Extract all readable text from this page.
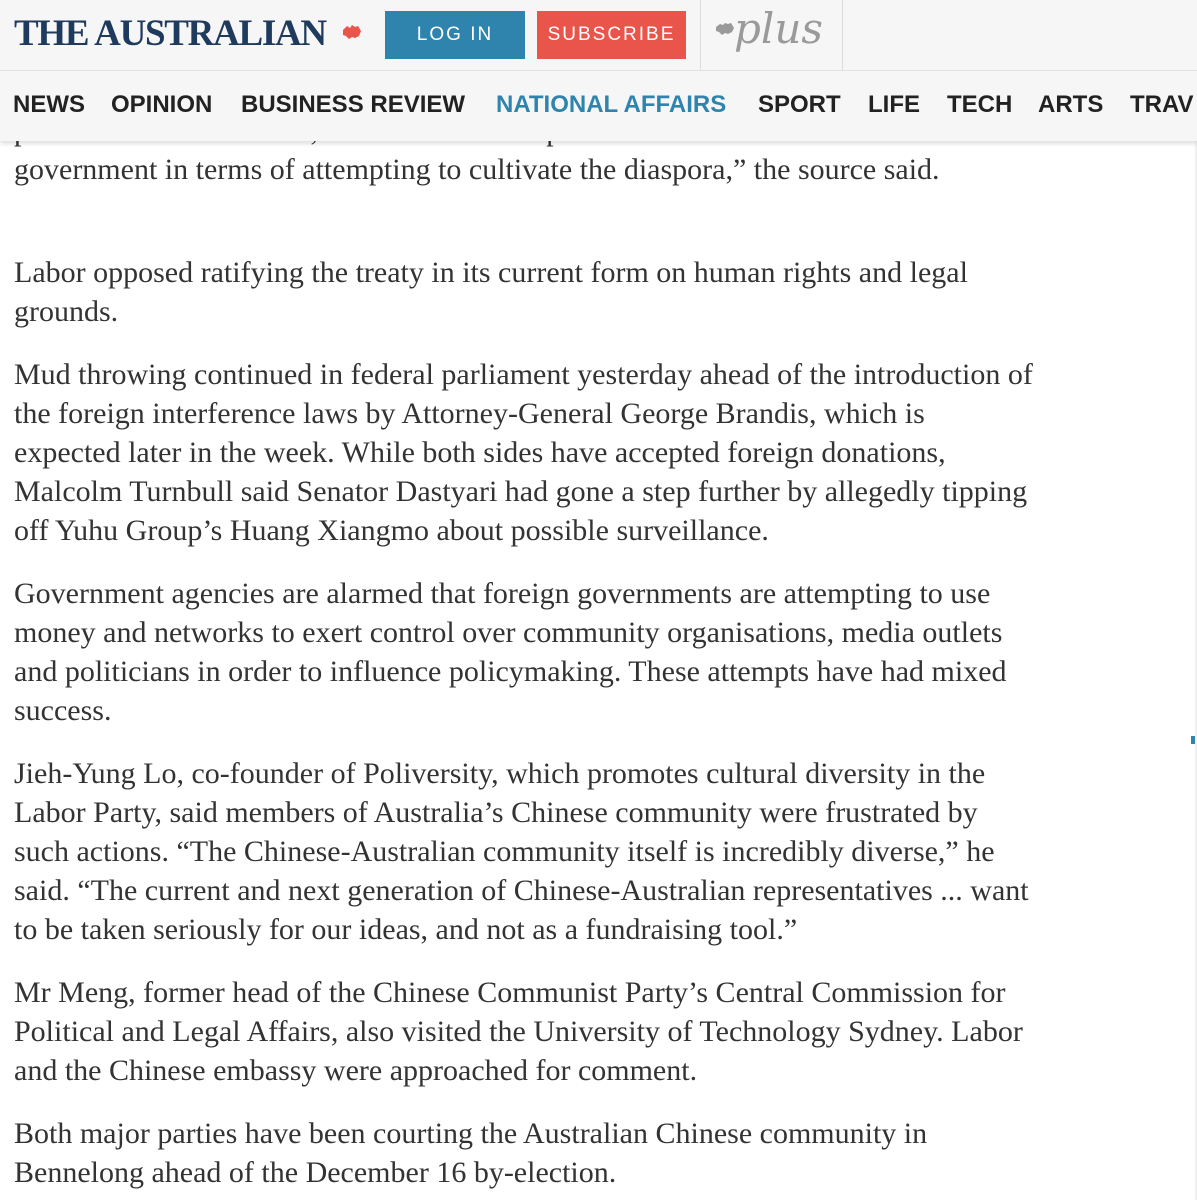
government in terms of attempting to cultivate the diaspora,” the source said.

Labor opposed ratifying the treaty in its current form on human rights and legal
grounds.

Mud throwing continued in federal parliament yesterday ahead of the introduction of
the foreign interference laws by Attorney-General George Brandis, which is
expected later in the week. While both sides have accepted foreign donations,
Malcolm Turnbull said Senator Dastyari had gone a step further by allegedly tipping
off Yuhu Group’s Huang Xiangmo about possible surveillance.

Government agencies are alarmed that foreign governments are attempting to use
money and networks to exert control over community organisations, media outlets
and politicians in order to influence policymaking. These attempts have had mixed
success.

Jieh-Yung Lo, co-founder of Poliversity, which promotes cultural diversity in the
Labor Party, said members of Australia’s Chinese community were frustrated by
such actions. “The Chinese-Australian community itself is incredibly diverse,” he
said. “The current and next generation of Chinese-Australian representatives ... want
to be taken seriously for our ideas, and not as a fundraising tool.”

Mr Meng, former head of the Chinese Communist Party’s Central Commission for
Political and Legal Affairs, also visited the University of Technology Sydney. Labor
and the Chinese embassy were approached for comment.

Both major parties have been courting the Australian Chinese community in
Bennelong ahead of the December 16 by-election.

THE AUSTRALIAN	LOG IN	SUBSCRIBE plus
NEWS OPINION BUSINESS REVIEW NATIONAL AFFAIRS SPORT LIFE TECH ARTS TRAV
